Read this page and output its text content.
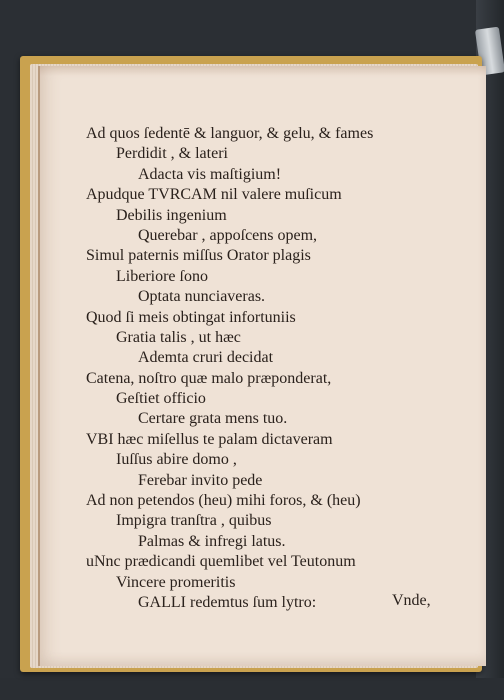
Ad quos ſedentē & languor, & gelu, & fames
Perdidit , & lateri
Adacta vis maſtigium!
Apudque TVRCAM nil valere muſicum
Debilis ingenium
Querebar , appoſcens opem,
Simul paternis miſſus Orator plagis
Liberiore ſono
Optata nunciaveras.
Quod ſi meis obtingat infortuniis
Gratia talis , ut hæc
Ademta cruri decidat
Catena, noſtro quæ malo præponderat,
Geſtiet officio
Certare grata mens tuo.
VBI hæc miſellus te palam dictaveram
Iuſſus abire domo ,
Ferebar invito pede
Ad non petendos (heu) mihi foros, & (heu)
Impigra tranſtra , quibus
Palmas & infregi latus.
uNnc prædicandi quemlibet vel Teutonum
Vincere promeritis
GALLI redemtus ſum lytro:	Vnde,
